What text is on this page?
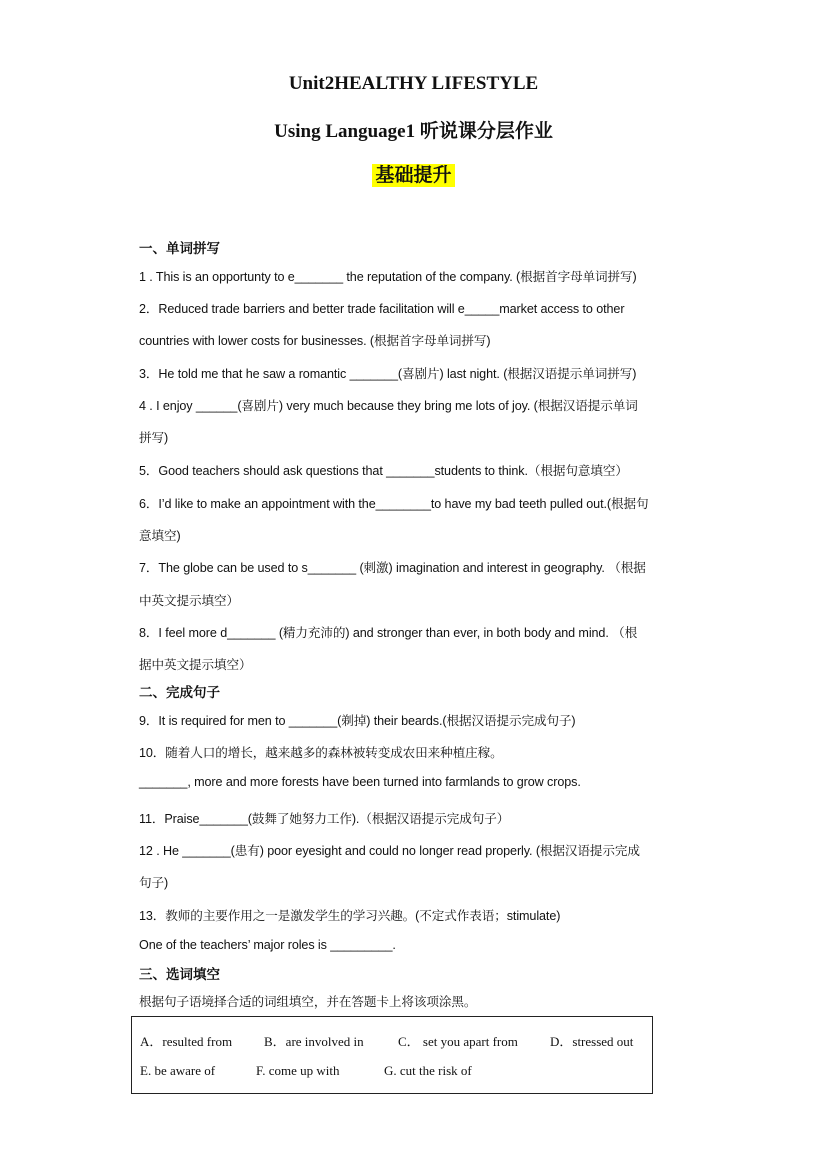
Unit2HEALTHY LIFESTYLE
Using Language1 听说课分层作业
基础提升
一、单词拼写
1 . This is an opportunty to e_______ the reputation of the company. (根据首字母单词拼写)
2．Reduced trade barriers and better trade facilitation will e_____market access to other
countries with lower costs for businesses. (根据首字母单词拼写)
3．He told me that he saw a romantic _______(喜剧片) last night. (根据汉语提示单词拼写)
4 . I enjoy ______(喜剧片) very much because they bring me lots of joy. (根据汉语提示单词
拼写)
5．Good teachers should ask questions that _______students to think.（根据句意填空）
6．I’d like to make an appointment with the________to have my bad teeth pulled out.(根据句
意填空)
7．The globe can be used to s_______ (刺激) imagination and interest in geography. （根据
中英文提示填空）
8．I feel more d_______ (精力充沛的) and stronger than ever, in both body and mind. （根
据中英文提示填空）
二、完成句子
9．It is required for men to _______(剃掉) their beards.(根据汉语提示完成句子)
10．随着人口的增长，越来越多的森林被转变成农田来种植庄稼。
_______, more and more forests have been turned into farmlands to grow crops.
11．Praise_______(鼓舞了她努力工作).（根据汉语提示完成句子）
12 . He _______(患有) poor eyesight and could no longer read properly. (根据汉语提示完成
句子)
13．教师的主要作用之一是激发学生的学习兴趣。(不定式作表语；stimulate)
One of the teachers’ major roles is _________.
三、选词填空
根据句子语境择合适的词组填空，并在答题卡上将该项涂黑。
A．resulted from B．are involved in	C． set you apart from D．stressed out
E. be aware of	F. come up with	G. cut the risk of
